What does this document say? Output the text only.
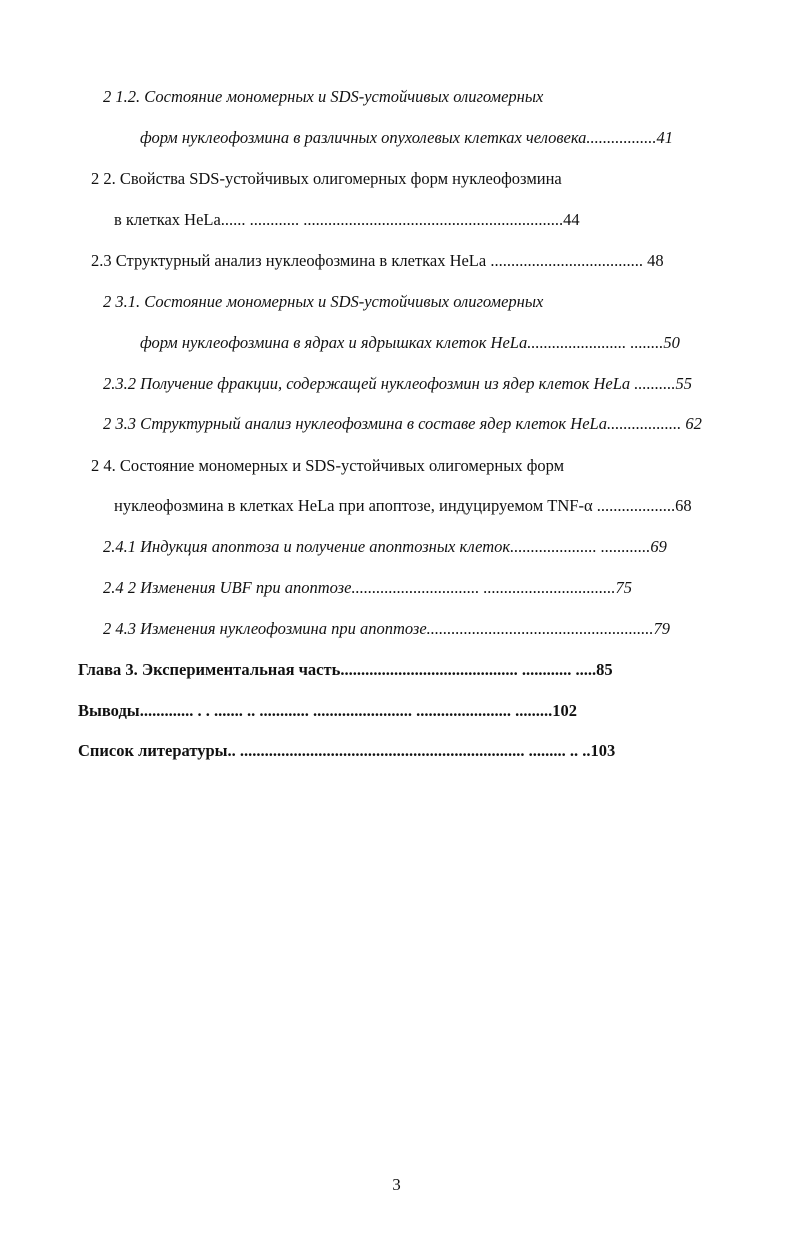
2 1.2. Состояние мономерных и SDS-устойчивых олигомерных
форм нуклеофозмина в различных опухолевых клетках человека.................41
2 2. Свойства SDS-устойчивых олигомерных форм нуклеофозмина
в клетках HeLa...... ............ ...............................................................44
2.3 Структурный анализ нуклеофозмина в клетках HeLa ..................................... 48
2 3.1. Состояние мономерных и SDS-устойчивых олигомерных
форм нуклеофозмина в ядрах и ядрышках клеток HeLa........................ ........50
2.3.2 Получение фракции, содержащей нуклеофозмин из ядер клеток HeLa ..........55
2 3.3 Структурный анализ нуклеофозмина в составе ядер клеток HeLa.................. 62
2 4. Состояние мономерных и SDS-устойчивых олигомерных форм
нуклеофозмина в клетках HeLa при апоптозе, индуцируемом TNF-α ...................68
2.4.1 Индукция апоптоза и получение апоптозных клеток..................... ............69
2.4 2 Изменения UBF при апоптозе............................... ................................75
2 4.3 Изменения нуклеофозмина при апоптозе.......................................................79
Глава 3. Экспериментальная часть........................................... ............ .....85
Выводы............. . . ....... .. ............ ........................ ....................... .........102
Список литературы.. ..................................................................... ......... .. ..103
3
